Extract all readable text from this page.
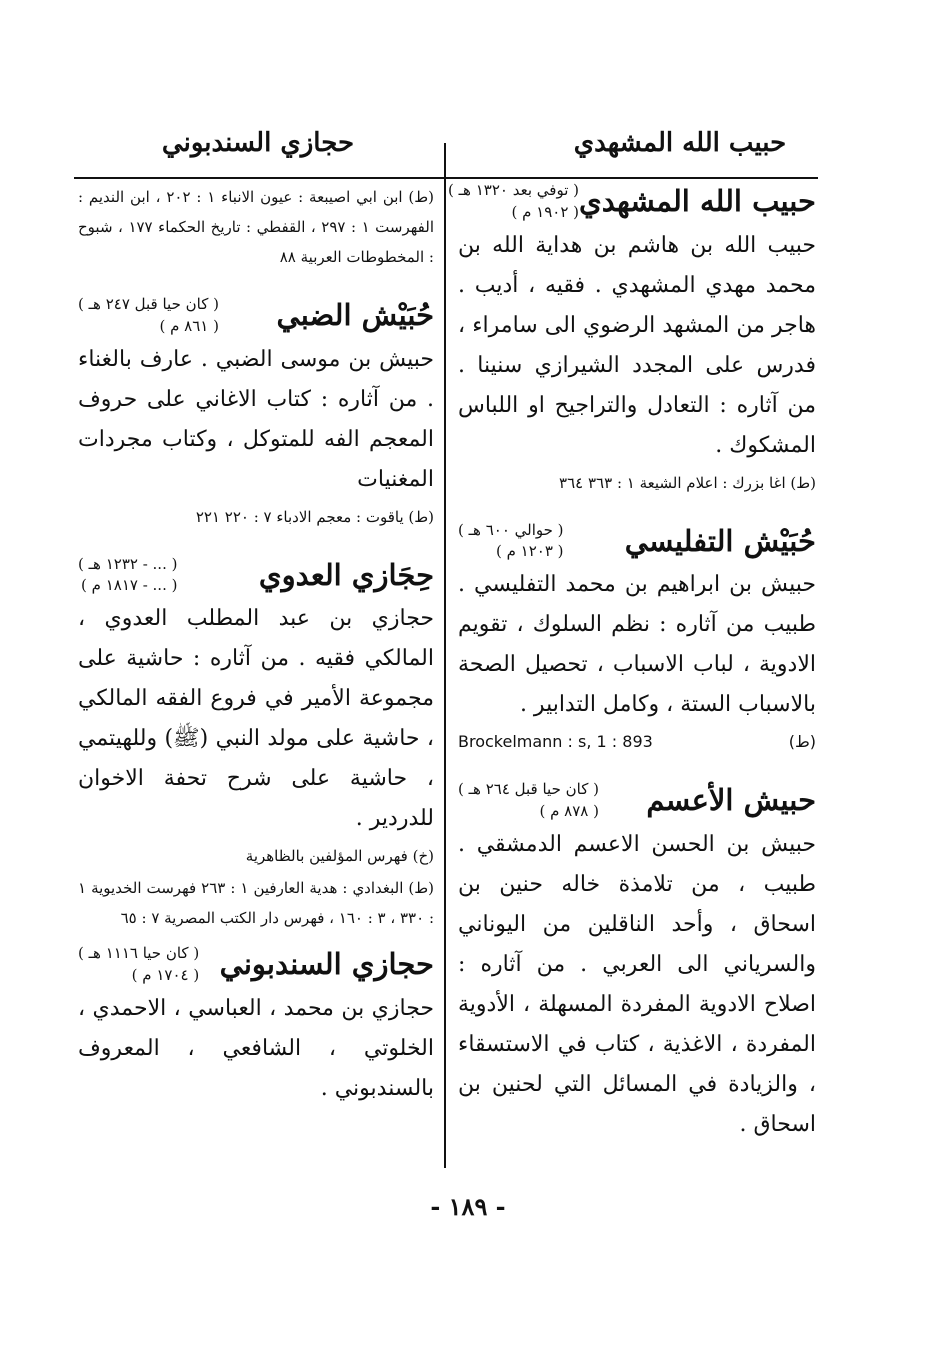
حبيب الله المشهدي
حجازي السندبوني
حبيب الله المشهدي
( توفي بعد ١٣٢٠ هـ )
( ١٩٠٢ م )

حبيب الله بن هاشم بن هداية الله بن محمد مهدي المشهدي . فقيه ، أديب . هاجر من المشهد الرضوي الى سامراء ، فدرس على المجدد الشيرازي سنينا . من آثاره : التعادل والتراجيح او اللباس المشكوك .

(ط) اغا بزرك : اعلام الشيعة ١ : ٣٦٣ ٣٦٤

حُبَيْش التفليسي
( حوالي ٦٠٠ هـ )
( ١٢٠٣ م )

حبيش بن ابراهيم بن محمد التفليسي . طبيب من آثاره : نظم السلوك ، تقويم الادوية ، لباب الاسباب ، تحصيل الصحة بالاسباب الستة ، وكامل التدابير .

Brockelmann : s, 1 : 893	(ط)
حبيش الأعسم
( كان حيا قبل ٢٦٤ هـ )
( ٨٧٨ م )

حبيش بن الحسن الاعسم الدمشقي . طبيب ، من تلامذة خاله حنين بن اسحاق ، وأحد الناقلين من اليوناني والسرياني الى العربي . من آثاره : اصلاح الادوية المفردة المسهلة ، الأدوية المفردة ، الاغذية ، كتاب في الاستسقاء ، والزيادة في المسائل التي لحنين بن اسحاق .

(ط) ابن ابي اصيبعة : عيون الانباء ١ : ٢٠٢ ، ابن النديم : الفهرست ١ : ٢٩٧ ، القفطي : تاريخ الحكماء ١٧٧ ، شبوح : المخطوطات العربية ٨٨

حُبَيْش الضبي
( كان حيا قبل ٢٤٧ هـ )
( ٨٦١ م )

حبيش بن موسى الضبي . عارف بالغناء . من آثاره : كتاب الاغاني على حروف المعجم الفه للمتوكل ، وكتاب مجردات المغنيات

(ط) ياقوت : معجم الادباء ٧ : ٢٢٠ ٢٢١

حِجَازي العدوي
( ... - ١٢٣٢ هـ )
( ... - ١٨١٧ م )

حجازي بن عبد المطلب العدوي ، المالكي فقيه . من آثاره : حاشية على مجموعة الأمير في فروع الفقه المالكي ، حاشية على مولد النبي (ﷺ) وللهيتمي ، حاشية على شرح تحفة الاخوان للدردير .

(خ) فهرس المؤلفين بالظاهرية

(ط) البغدادي : هدية العارفين ١ : ٢٦٣ فهرست الخديوية ١ : ٣٣٠ ، ٣ : ١٦٠ ، فهرس دار الكتب المصرية ٧ : ٦٥

حجازي السندبوني
( كان حيا ١١١٦ هـ )
( ١٧٠٤ م )

حجازي بن محمد ، العباسي ، الاحمدي ، الخلوتي ، الشافعي ، المعروف بالسندبوني .

- ١٨٩ -
